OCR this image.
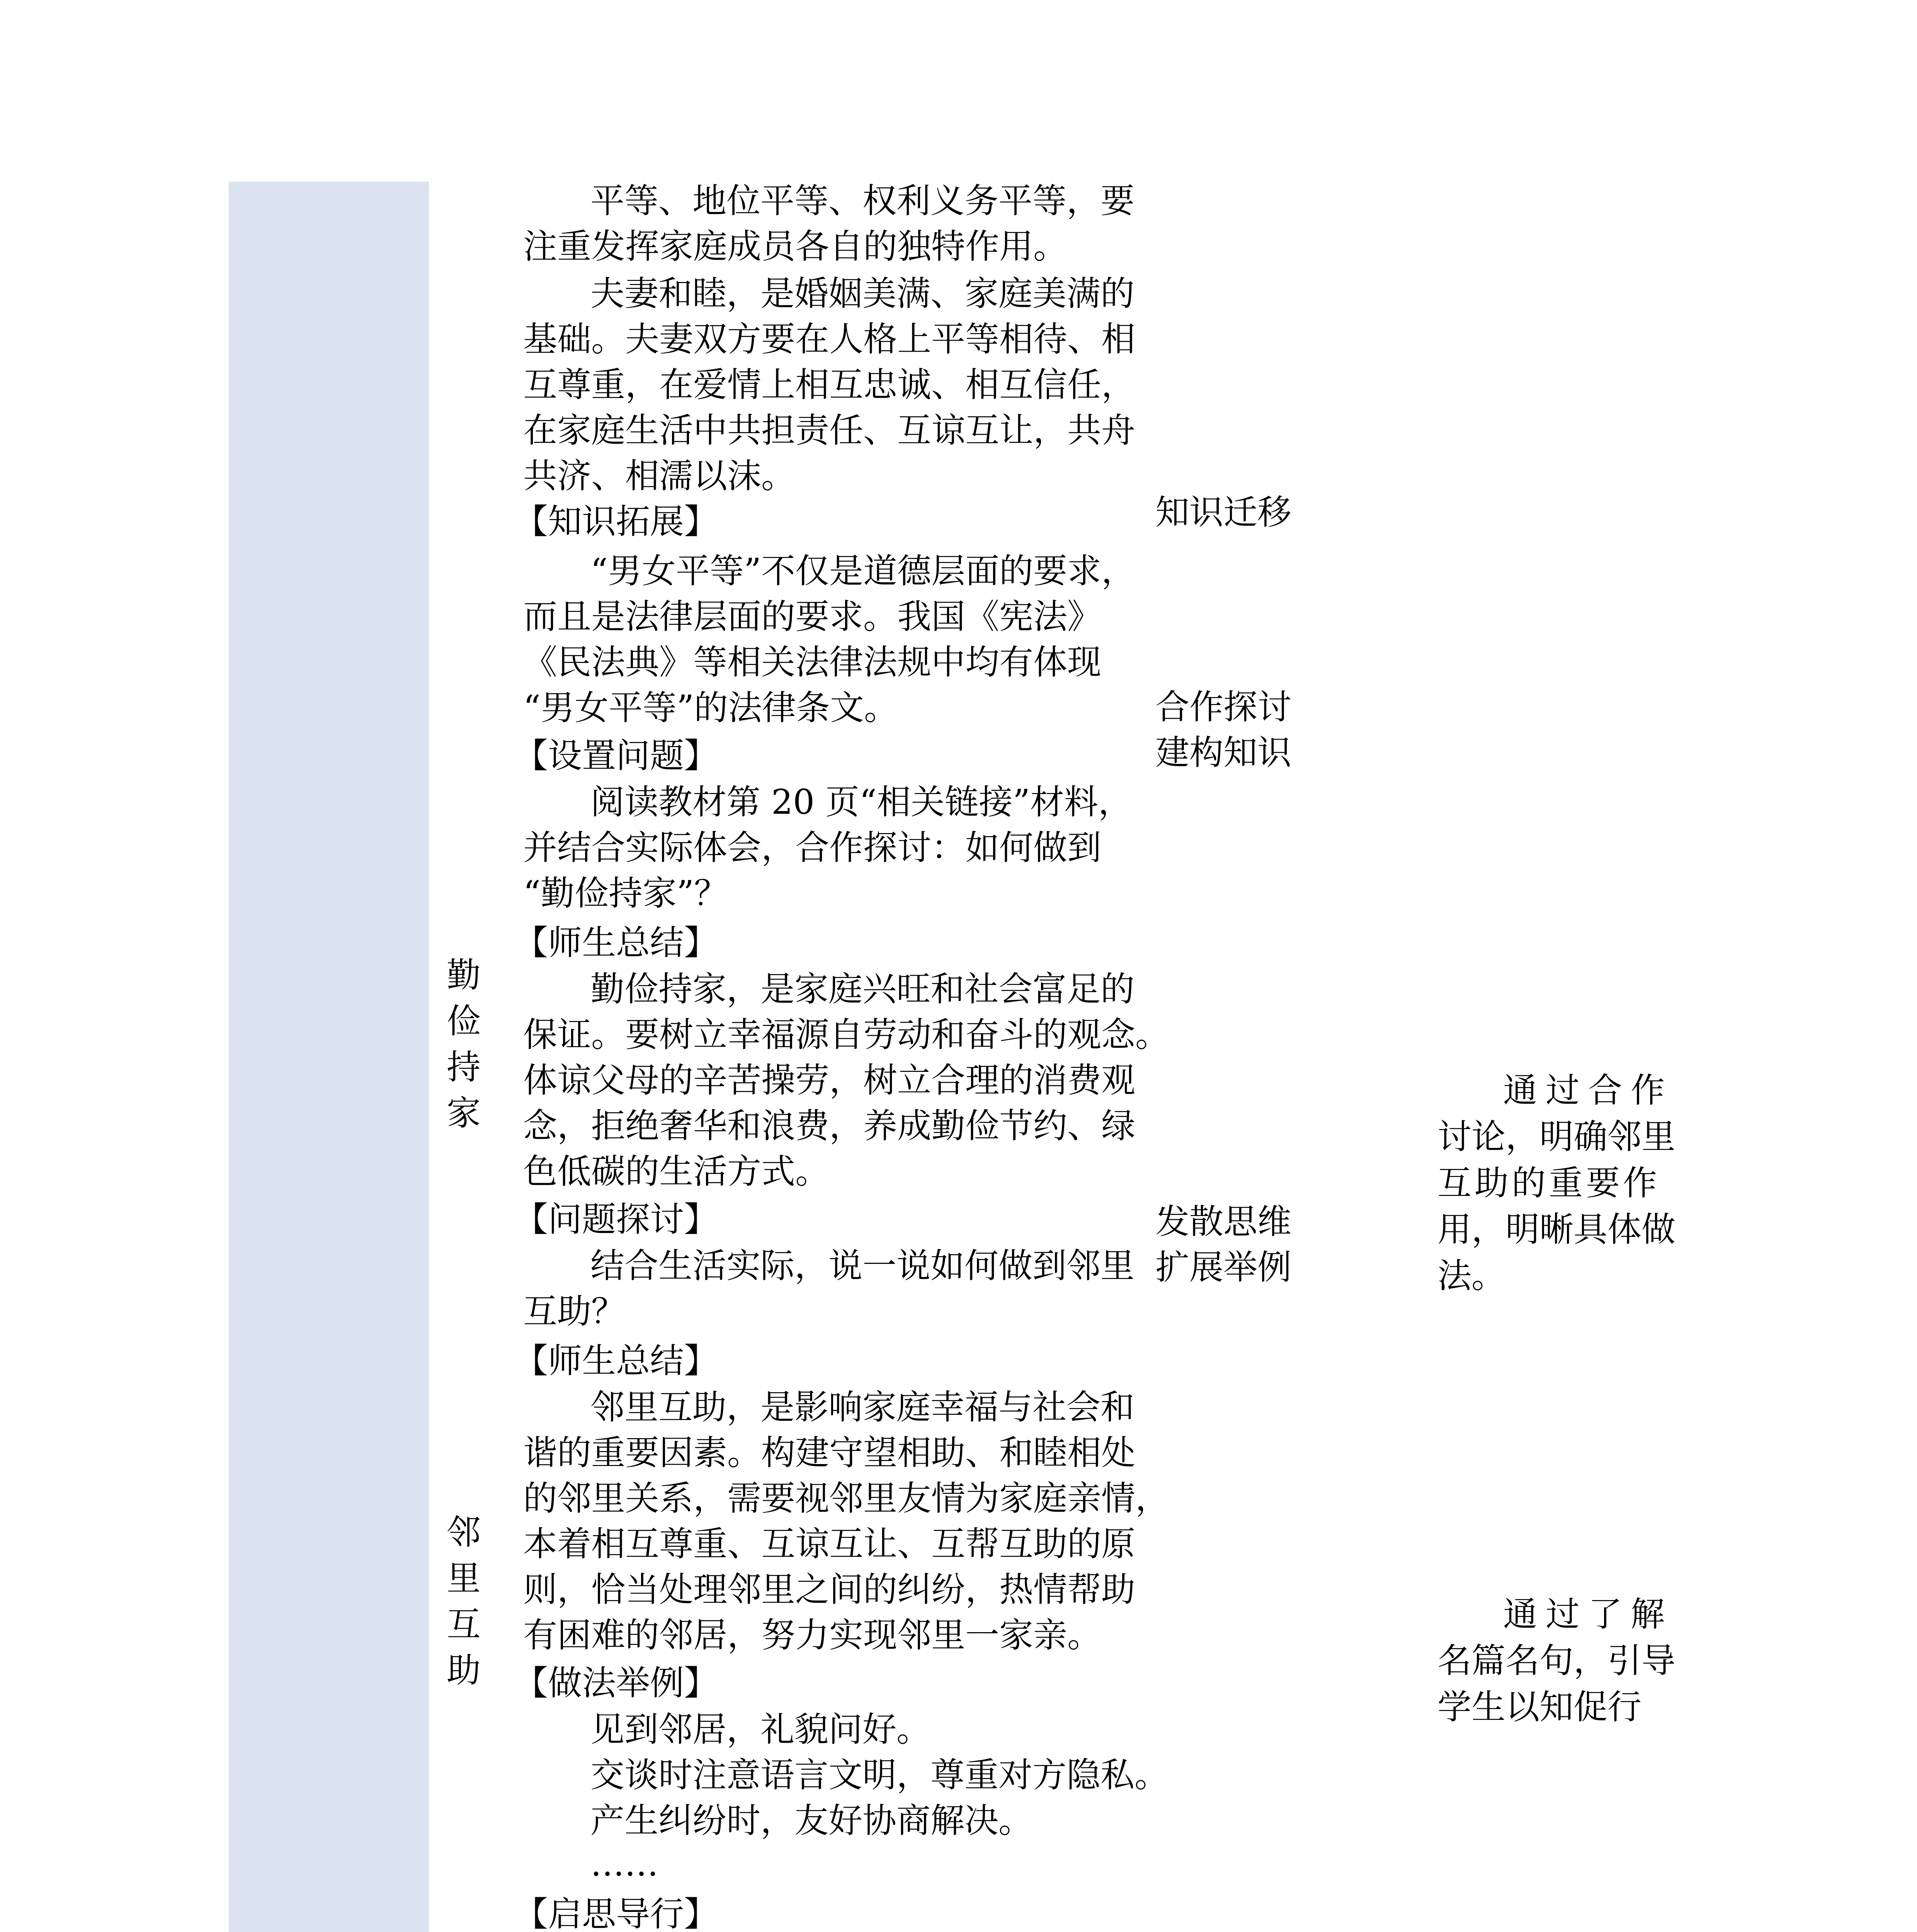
勤俭持家
邻里互助
平等、地位平等、权利义务平等，要
注重发挥家庭成员各自的独特作用。
夫妻和睦，是婚姻美满、家庭美满的
基础。夫妻双方要在人格上平等相待、相
互尊重，在爱情上相互忠诚、相互信任，
在家庭生活中共担责任、互谅互让，共舟
共济、相濡以沫。
【知识拓展】
“男女平等”不仅是道德层面的要求，
而且是法律层面的要求。我国《宪法》
《民法典》等相关法律法规中均有体现
“男女平等”的法律条文。
【设置问题】
阅读教材第 20 页“相关链接”材料，
并结合实际体会，合作探讨：如何做到
“勤俭持家”？
【师生总结】
勤俭持家，是家庭兴旺和社会富足的
保证。要树立幸福源自劳动和奋斗的观念。
体谅父母的辛苦操劳，树立合理的消费观
念，拒绝奢华和浪费，养成勤俭节约、绿
色低碳的生活方式。
【问题探讨】
结合生活实际，说一说如何做到邻里
互助？
【师生总结】
邻里互助，是影响家庭幸福与社会和
谐的重要因素。构建守望相助、和睦相处
的邻里关系，需要视邻里友情为家庭亲情，
本着相互尊重、互谅互让、互帮互助的原
则，恰当处理邻里之间的纠纷，热情帮助
有困难的邻居，努力实现邻里一家亲。
【做法举例】
见到邻居，礼貌问好。
交谈时注意语言文明，尊重对方隐私。
产生纠纷时，友好协商解决。
……
【启思导行】
知识迁移
合作探讨
建构知识
发散思维
扩展举例
通过合作
讨论，明确邻里
互助的重要作
用，明晰具体做
法。
通过了解
名篇名句，引导
学生以知促行
